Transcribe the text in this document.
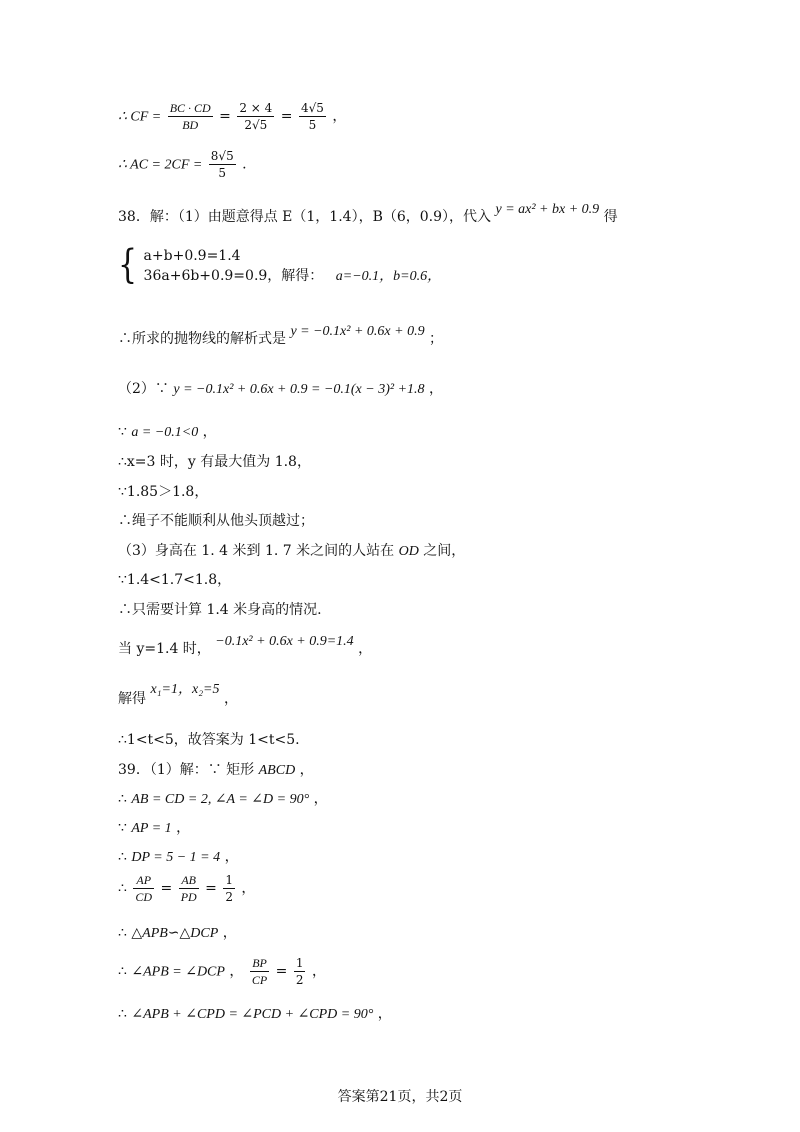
∴ CF = $\frac{BC \cdot CD}{BD} = \frac{2 \times 4}{2√5} = \frac{4√5}{5}$ ，
∴ AC = $2CF = \frac{8√5}{5}$ .
38．解：（1）由题意得点 E（1，1.4），B（6，0.9），代入 y = ax² + bx + 0.9 得
{ a+b+0.9=1.4
36a+6b+0.9=0.9，解得： a=−0.1，b=0.6，
∴所求的抛物线的解析式是 y = −0.1x² + 0.6x + 0.9 ；
（2）∵ y = −0.1x² + 0.6x + 0.9 = −0.1(x − 3)² +1.8 ，
∵ a = −0.1<0 ，
∴x=3 时，y 有最大值为 1.8，
∵1.85＞1.8，
∴绳子不能顺利从他头顶越过；
（3）身高在 1. 4 米到 1. 7 米之间的人站在 OD 之间，
∵1.4<1.7<1.8，
∴只需要计算 1.4 米身高的情况.
当 y=1.4 时， −0.1x² + 0.6x + 0.9=1.4 ，
解得 x₁=1，x₂=5 ，
∴1<t<5，故答案为 1<t<5.
39．（1）解：∵ 矩形 ABCD ，
∴ AB = CD = 2, ∠A = ∠D = 90° ，
∵ AP = 1 ，
∴ DP = 5 − 1 = 4 ，
∴ $\frac{AP}{CD} = \frac{AB}{PD} = \frac{1}{2}$ ，
∴ △APB∽△DCP ，
∴ ∠APB = ∠DCP ， $\frac{BP}{CP} = \frac{1}{2}$ ，
∴ ∠APB + ∠CPD = ∠PCD + ∠CPD = 90° ，
答案第21页，共2页
